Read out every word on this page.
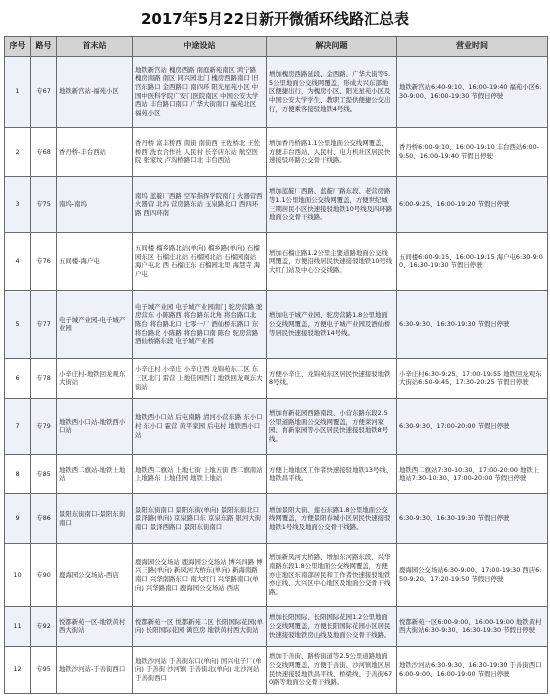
2017年5月22日新开微循环线路汇总表
序号	路号	首末站	中途设站	解决问题	营业时间
1	专67	地铁新宫站-福苑小区	地铁新宫站 槐房西路 南庭新苑南区 鸿宁路 槐房南路 南区 同兴园北门 槐房西路南口 旧宫东路口 金西路口 南四环 阳光星苑小区 中国中医科学院广安门医院南区 中国公安大学西站 丰台路口南口 广华大街南口 福苑北区 福苑小区	增加槐房西路延段、金西路、广华大街等5.5公里地面公交线网覆盖，形成大兴东部地区便捷出行，为槐房小区、阳光星苑小区及中国公安大学学生、教职工提供便捷公交出行，方便乘客接驳地铁4号线。	地铁新宫站6:40-9:10、16:00-19:40 福苑小区6:30-9:00、16:00-19:30 节假日停驶
2	专68	香丹桥-丰台西站	香丹桥 富丰桥西 南街 南街西 王佐桥北 王佐桥西 洗衣合作社 人民村 长辛店东站 航空医院 张家坟 卢沟桥路口北 丰台西站	增加香丹桥路1.1公里地面公交线网覆盖，方便丰台西站、人民村、电力机社区居民快速接驳环路公交骨干线路。	香丹桥6:00-9:10、16:00-19:10 丰台西站6:00-9:50、16:00-19:40 节假日停驶
3	专75	南坞-南坞	南坞 蓝靛厂西路 空军指挥学院南门 火器营西 火器营 北坞 营房路东站 玉泉路北口 西四环路 西四环南	增加蓝靛厂西路、蓝靛厂路东段、老营房路等1.1公里地面公交线网覆盖，方便世纪城三期居民小区快速接驳地铁10号线及四环路地面公交骨干线路。	6:00-9:25、16:00-19:20 节假日停驶
4	专76	五间楼-海户屯	五间楼 榴乡路北站(单向) 榴乡路(单向) 石榴园东区 石榴庄北站 石榴园北站 石榴园南站 海户屯北 西 石榴庄东 石榴园北里 海慧寺 海户屯	增加石榴庄路1.2公里主要道路地面公交线网覆盖，方便沿线居民快速接驳地铁10号线大红门站及中心公交线路。	五间楼6:00-9:15、16:00-19:15 海户屯6:30-9:00、16:30-19:30 节假日停驶
5	专77	电子城产业园-电子城产业园	电子城产业园 电子城产业园南门 驼房营路 驼房营东 小陈路西 将台路东北角 将台路口北 陈台 将台路北口 七零一厂 酒仙桥东路口 东 将台路北 小陈路 将台路口南 陈台 驼房营路 酒仙桥路东段 电子城产业园	增加电子城产业园、驼房营路1.8公里地面公交线网覆盖，方便电子城产业园及酒仙桥等居民快速接驳地铁14号线。	6:30-9:30、16:30-19:30 节假日停驶
6	专78	小辛庄村-地铁回龙观东大街站	小辛庄村 小辛庄 小辛庄西 龙锦苑东二区 东三区北门 雷营 上地佳园西门 地铁回龙观东大街站	方便小辛庄、龙锦苑东区居民快速接驳地铁8号线。	小辛庄村6:30-9:25、17:00-19:55 地铁回龙观东大街站6:50-9:45、17:30-20:25 节假日停驶
7	专79	地铁西小口站-地铁西小口站	地铁西小口站 后屯南路 清河小营东路 东小口村 东小口 霍营 黄平家园 后屯村 地铁西小口站	增加育新花园西路南段、小营东路东段2.5公里道路地面公交线网覆盖，方便莱河家园、育新家园等小区居民快速接驳地铁8号线。	6:30-9:30、17:00-20:00 节假日停驶
8	专85	地铁西二旗站-地铁上地站	地铁西二旗站 上地七街 上地五街 西二旗南站 上地路东 上地佳园 地铁上地站	方便上地地区工作者快速接驳地铁13号线、地铁昌平线。	地铁西二旗站7:30-10:30、17:00-20:00 地铁上地站7:30-10:30、17:00-20:00 节假日停驶
9	专86	景阳东街南口-景阳东街南口	景阳东街南口 景阳东街(单向) 景阳东街北口 景泽路(单向) 京泉路口东 京泉东路 银河大街南口 景泽西路口 景阳东街南口	增加景阳大街、莲石东路1.8公里地面公交线网覆盖，方便景阳春城小区居民快速接驳地铁1号线及地面公交骨干线路。	6:30-9:30、16:30-19:30 节假日停驶
10	专90	鹿海园公交场站-西店	鹿海园公交场站 鹿海园公交场站 博兴四路 博兴三路(单向) 新凤河大桥东(单向) 新海南路南口 兴华南路东口 南大红门 兴华路南口(单向) 兴华路南口 鹿海园公交场站 西店	增加新凤河大桥路、增加东河路东段、兴华南路东段1.8公里地面公交线网覆盖，方便亦庄地区东南部居民和工作者快速接驳地铁亦庄线、大兴区中心地区及地面公交骨干线路。	鹿海园公交场站6:30-9:00、17:00-19:30 西店6:50-9:20、17:20-19:50 节假日停驶
11	专92	悦都新苑一区-地铁黄村西大街站	悦都新苑一区 悦都新苑二区 长阳国际花园(单向) 长阳国际花园 篱笆房 地铁黄村西大街站	增加长阳国际、长阳国际花园1.2公里地面公交线网覆盖，方便长阳国际花园小区居民快速接驳地铁房山线及地面公交骨干线路。	悦都新苑一区6:00-9:00、16:00-19:00 地铁黄村西大街站6:30-9:30、16:30-19:30 节假日停驶
12	专95	地铁沙河站-于善街西口	地铁沙河站 于善街东口(单向) 国兴电子厂(单向) 于善街 沙河镇 于善街北(单向) 北沙河站 于善街西口	增加于善街、路桥街道等2.5公里道路地面公交线网覆盖，方便于善街、沙河镇地区居民快速接驳地铁昌平线、桥梁线、于善街670路等地面公交骨干线路。	地铁沙河站6:30-9:30、16:30-19:30 于善街西口6:00-9:00、16:00-19:00 节假日停驶
